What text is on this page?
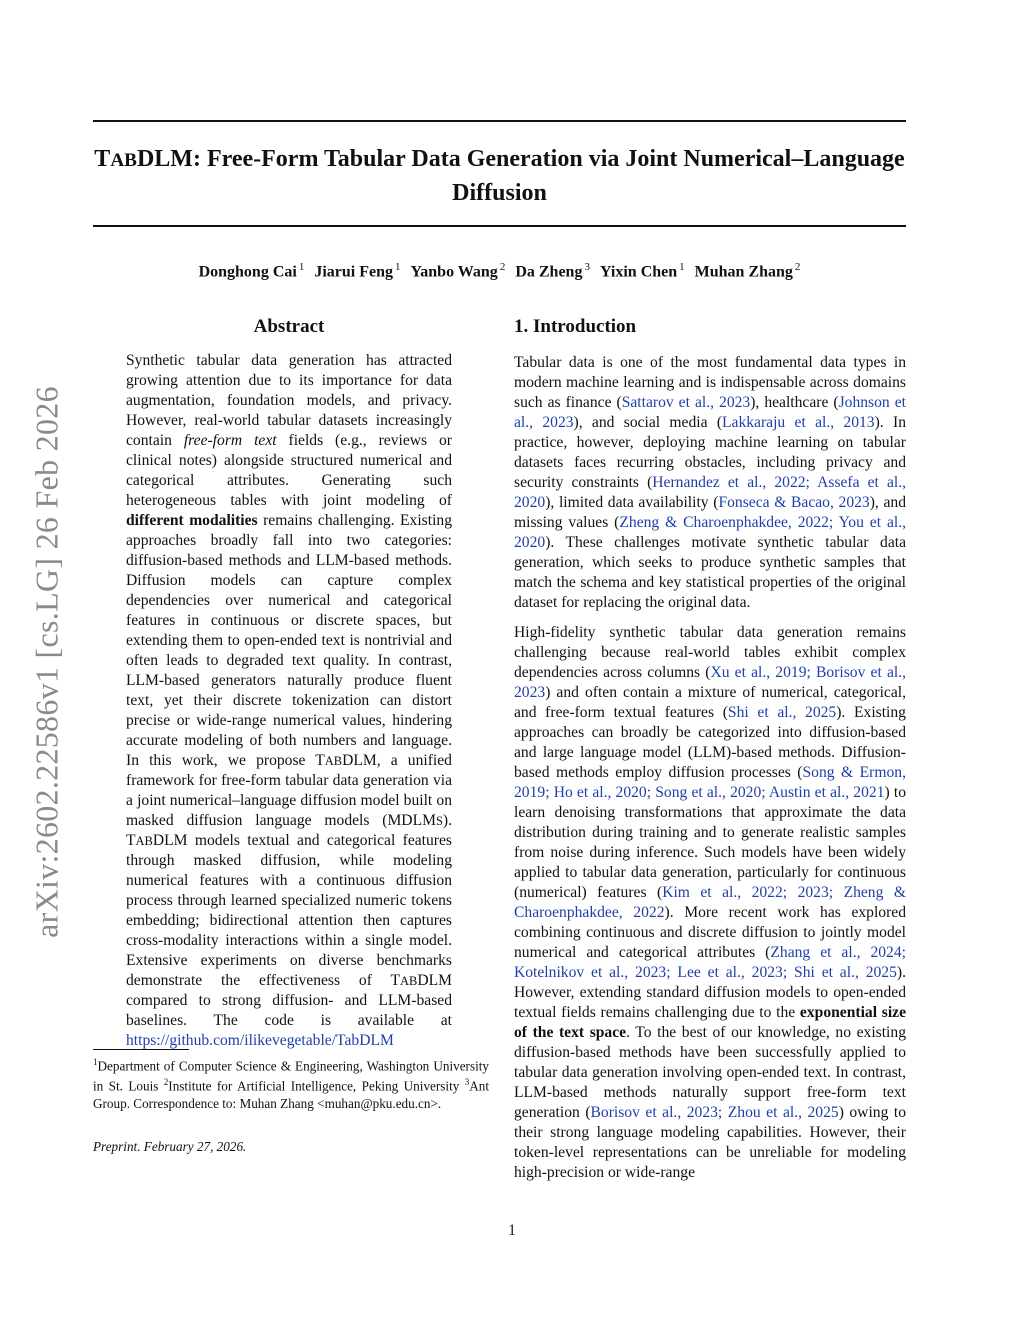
arXiv:2602.22586v1 [cs.LG] 26 Feb 2026
TABDLM: Free-Form Tabular Data Generation via Joint Numerical–Language Diffusion
Donghong Cai $^1$ Jiarui Feng $^1$ Yanbo Wang $^2$ Da Zheng $^3$ Yixin Chen $^1$ Muhan Zhang $^2$
Abstract

Synthetic tabular data generation has attracted growing attention due to its importance for data augmentation, foundation models, and privacy. However, real-world tabular datasets increasingly contain free-form text fields (e.g., reviews or clinical notes) alongside structured numerical and categorical attributes. Generating such heterogeneous tables with joint modeling of different modalities remains challenging. Existing approaches broadly fall into two categories: diffusion-based methods and LLM-based methods. Diffusion models can capture complex dependencies over numerical and categorical features in continuous or discrete spaces, but extending them to open-ended text is nontrivial and often leads to degraded text quality. In contrast, LLM-based generators naturally produce fluent text, yet their discrete tokenization can distort precise or wide-range numerical values, hindering accurate modeling of both numbers and language. In this work, we propose TABDLM, a unified framework for free-form tabular data generation via a joint numerical–language diffusion model built on masked diffusion language models (MDLMS). TABDLM models textual and categorical features through masked diffusion, while modeling numerical features with a continuous diffusion process through learned specialized numeric tokens embedding; bidirectional attention then captures cross-modality interactions within a single model. Extensive experiments on diverse benchmarks demonstrate the effectiveness of TABDLM compared to strong diffusion- and LLM-based baselines. The code is available at https://github.com/ilikevegetable/TabDLM

$^1$Department of Computer Science & Engineering, Washington University in St. Louis $^2$Institute for Artificial Intelligence, Peking University $^3$Ant Group. Correspondence to: Muhan Zhang <muhan@pku.edu.cn>.
Preprint. February 27, 2026.
1. Introduction

Tabular data is one of the most fundamental data types in modern machine learning and is indispensable across domains such as finance (Sattarov et al., 2023), healthcare (Johnson et al., 2023), and social media (Lakkaraju et al., 2013). In practice, however, deploying machine learning on tabular datasets faces recurring obstacles, including privacy and security constraints (Hernandez et al., 2022; Assefa et al., 2020), limited data availability (Fonseca & Bacao, 2023), and missing values (Zheng & Charoenphakdee, 2022; You et al., 2020). These challenges motivate synthetic tabular data generation, which seeks to produce synthetic samples that match the schema and key statistical properties of the original dataset for replacing the original data.

High-fidelity synthetic tabular data generation remains challenging because real-world tables exhibit complex dependencies across columns (Xu et al., 2019; Borisov et al., 2023) and often contain a mixture of numerical, categorical, and free-form textual features (Shi et al., 2025). Existing approaches can broadly be categorized into diffusion-based and large language model (LLM)-based methods. Diffusion-based methods employ diffusion processes (Song & Ermon, 2019; Ho et al., 2020; Song et al., 2020; Austin et al., 2021) to learn denoising transformations that approximate the data distribution during training and to generate realistic samples from noise during inference. Such models have been widely applied to tabular data generation, particularly for continuous (numerical) features (Kim et al., 2022; 2023; Zheng & Charoenphakdee, 2022). More recent work has explored combining continuous and discrete diffusion to jointly model numerical and categorical attributes (Zhang et al., 2024; Kotelnikov et al., 2023; Lee et al., 2023; Shi et al., 2025). However, extending standard diffusion models to open-ended textual fields remains challenging due to the exponential size of the text space. To the best of our knowledge, no existing diffusion-based methods have been successfully applied to tabular data generation involving open-ended text. In contrast, LLM-based methods naturally support free-form text generation (Borisov et al., 2023; Zhou et al., 2025) owing to their strong language modeling capabilities. However, their token-level representations can be unreliable for modeling high-precision or wide-range

1
